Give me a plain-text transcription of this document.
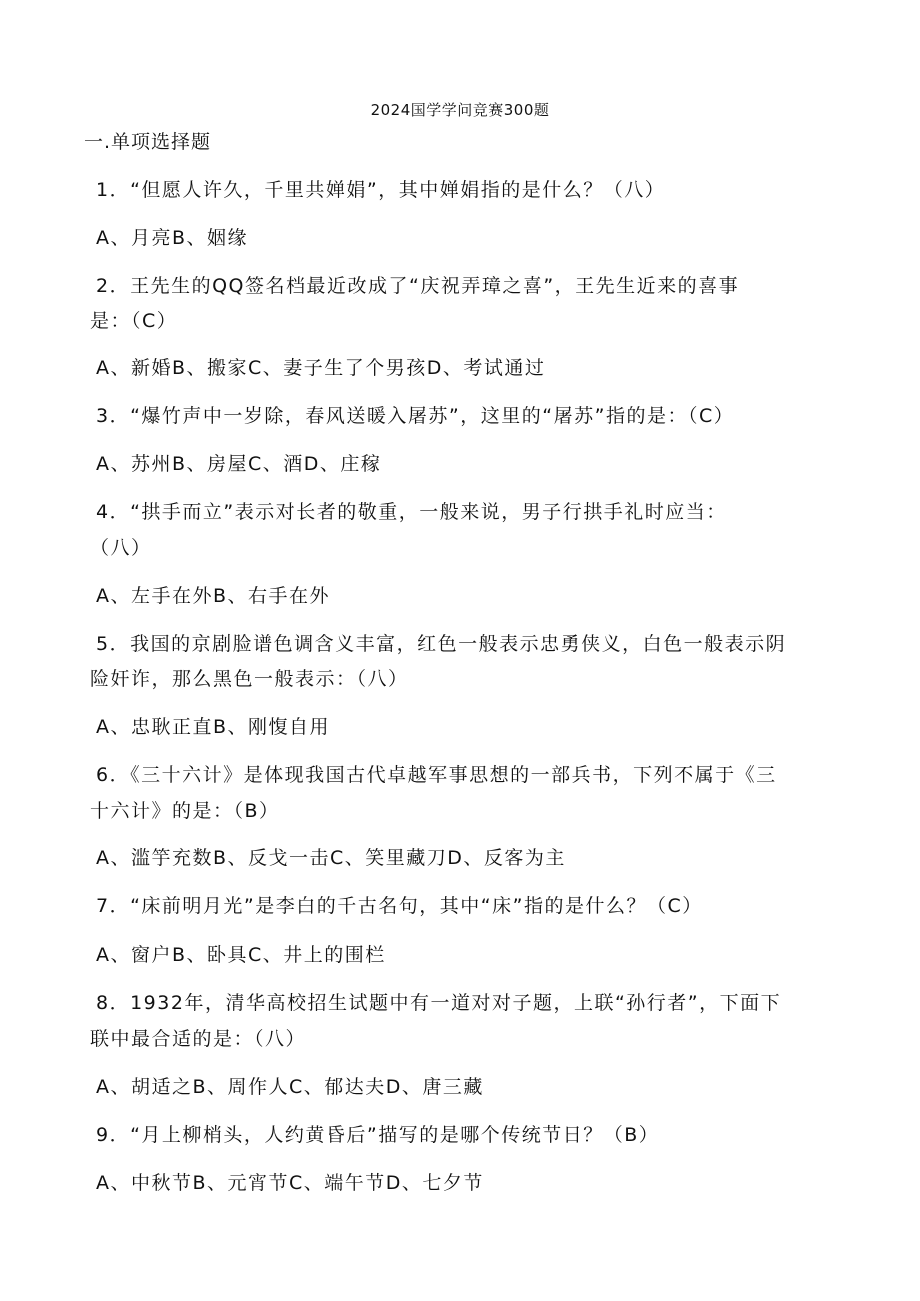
2024国学学问竞赛300题
一.单项选择题
1．“但愿人许久，千里共婵娟”，其中婵娟指的是什么？（八）
A、月亮B、姻缘
2．王先生的QQ签名档最近改成了“庆祝弄璋之喜”，王先生近来的喜事
是：（C）
A、新婚B、搬家C、妻子生了个男孩D、考试通过
3．“爆竹声中一岁除，春风送暖入屠苏”，这里的“屠苏”指的是：（C）
A、苏州B、房屋C、酒D、庄稼
4．“拱手而立”表示对长者的敬重，一般来说，男子行拱手礼时应当：
（八）
A、左手在外B、右手在外
5．我国的京剧脸谱色调含义丰富，红色一般表示忠勇侠义，白色一般表示阴
险奸诈，那么黑色一般表示：（八）
A、忠耿正直B、刚愎自用
6．《三十六计》是体现我国古代卓越军事思想的一部兵书，下列不属于《三
十六计》的是：（B）
A、滥竽充数B、反戈一击C、笑里藏刀D、反客为主
7．“床前明月光”是李白的千古名句，其中“床”指的是什么？（C）
A、窗户B、卧具C、井上的围栏
8．1932年，清华高校招生试题中有一道对对子题，上联“孙行者”，下面下
联中最合适的是：（八）
A、胡适之B、周作人C、郁达夫D、唐三藏
9．“月上柳梢头，人约黄昏后”描写的是哪个传统节日？（B）
A、中秋节B、元宵节C、端午节D、七夕节
